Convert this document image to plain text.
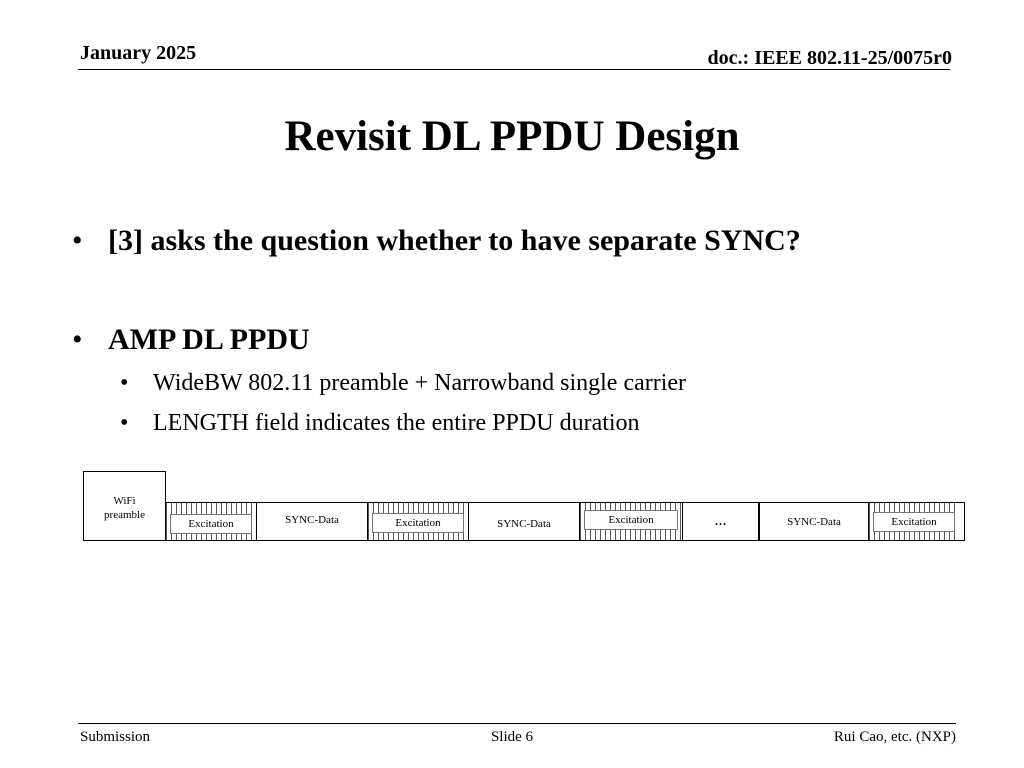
January 2025	doc.: IEEE 802.11-25/0075r0
Revisit DL PPDU Design
• [3] asks the question whether to have separate SYNC?
• AMP DL PPDU
• WideBW 802.11 preamble + Narrowband single carrier
• LENGTH field indicates the entire PPDU duration
WiFi
preamble
Excitation	SYNC-Data	Excitation	SYNC-Data	Excitation	…	SYNC-Data	Excitation
Submission	Slide 6	Rui Cao, etc. (NXP)
